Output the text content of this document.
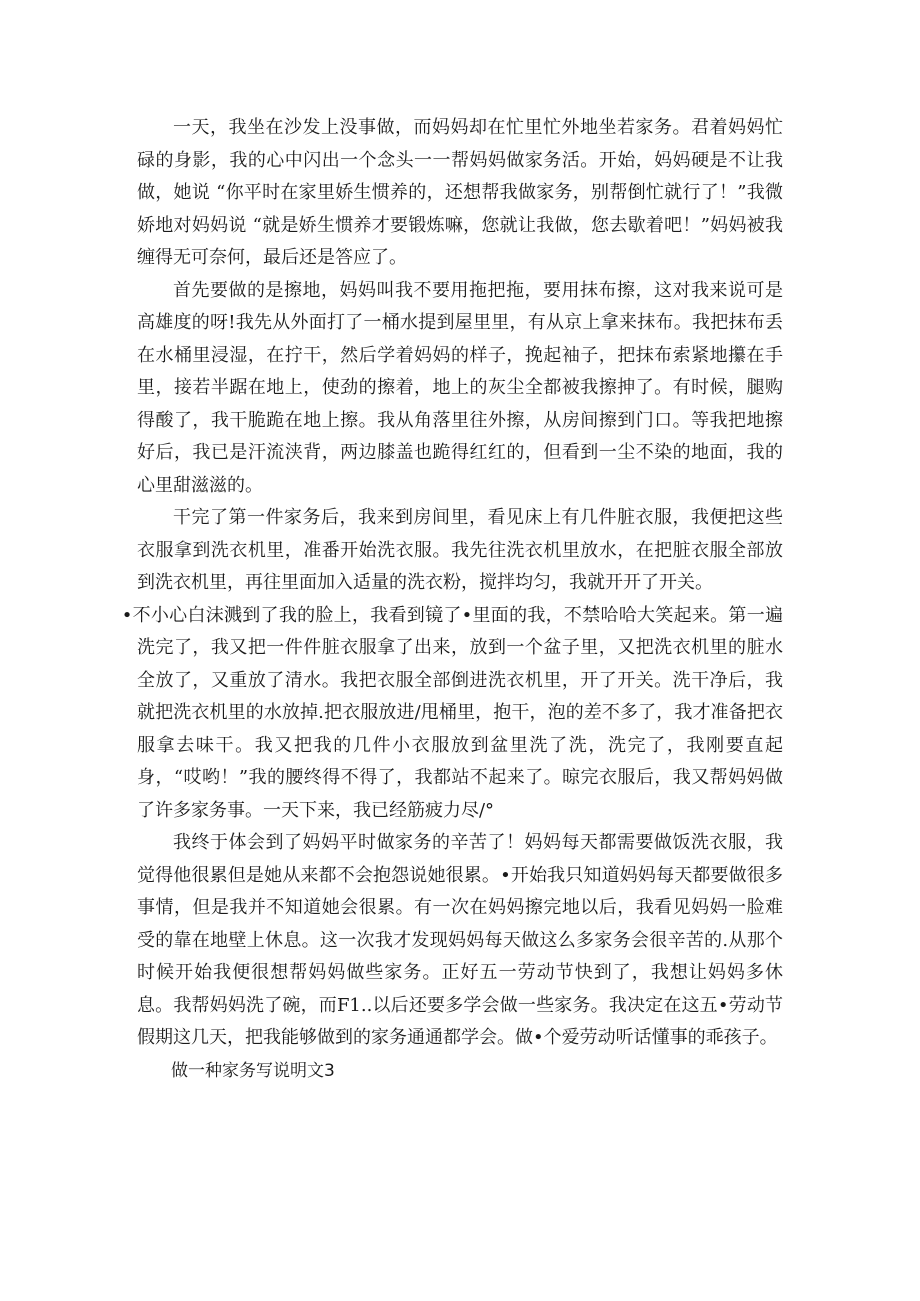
一天，我坐在沙发上没事做，而妈妈却在忙里忙外地坐若家务。君着妈妈忙碌的身影，我的心中闪出一个念头一一帮妈妈做家务活。开始，妈妈硬是不让我做，她说 “你平时在家里娇生惯养的，还想帮我做家务，别帮倒忙就行了！”我微娇地对妈妈说 “就是娇生惯养才要锻炼嘛，您就让我做，您去歇着吧！”妈妈被我缠得无可奈何，最后还是答应了。

首先要做的是擦地，妈妈叫我不要用拖把拖，要用抹布擦，这对我来说可是高雄度的呀!我先从外面打了一桶水提到屋里里，有从京上拿来抹布。我把抹布丢在水桶里浸湿，在拧干，然后学着妈妈的样子，挽起袖子，把抹布索紧地攥在手里，接若半踞在地上，使劲的擦着，地上的灰尘全都被我擦抻了。有时候，腿购得酸了，我干脆跪在地上擦。我从角落里往外擦，从房间擦到门口。等我把地擦好后，我已是汗流浃背，两边膝盖也跪得红红的，但看到一尘不染的地面，我的心里甜滋滋的。

干完了第一件家务后，我来到房间里，看见床上有几件脏衣服，我便把这些衣服拿到洗衣机里，准番开始洗衣服。我先往洗衣机里放水，在把脏衣服全部放到洗衣机里，再往里面加入适量的洗衣粉，搅拌均匀，我就开开了开关。

•不小心白沫溅到了我的脸上，我看到镜了•里面的我，不禁哈哈大笑起来。第一遍洗完了，我又把一件件脏衣服拿了出来，放到一个盆子里，又把洗衣机里的脏水全放了，又重放了清水。我把衣服全部倒进洗衣机里，开了开关。洗干净后，我就把洗衣机里的水放掉.把衣服放进/甩桶里，抱干，泡的差不多了，我才准备把衣服拿去味干。我又把我的几件小衣服放到盆里洗了洗，洗完了，我刚要直起身，“哎哟！”我的腰终得不得了，我都站不起来了。晾完衣服后，我又帮妈妈做了许多家务事。一天下来，我已经筋疲力尽/°

我终于体会到了妈妈平时做家务的辛苦了！妈妈每天都需要做饭洗衣服，我觉得他很累但是她从来都不会抱怨说她很累。•开始我只知道妈妈每天都要做很多事情，但是我并不知道她会很累。有一次在妈妈擦完地以后，我看见妈妈一脸难受的靠在地壁上休息。这一次我才发现妈妈每天做这么多家务会很辛苦的.从那个时候开始我便很想帮妈妈做些家务。正好五一劳动节快到了，我想让妈妈多休息。我帮妈妈洗了碗，而F1..以后还要多学会做一些家务。我决定在这五•劳动节假期这几天，把我能够做到的家务通通都学会。做•个爱劳动听话懂事的乖孩子。

做一种家务写说明文3
